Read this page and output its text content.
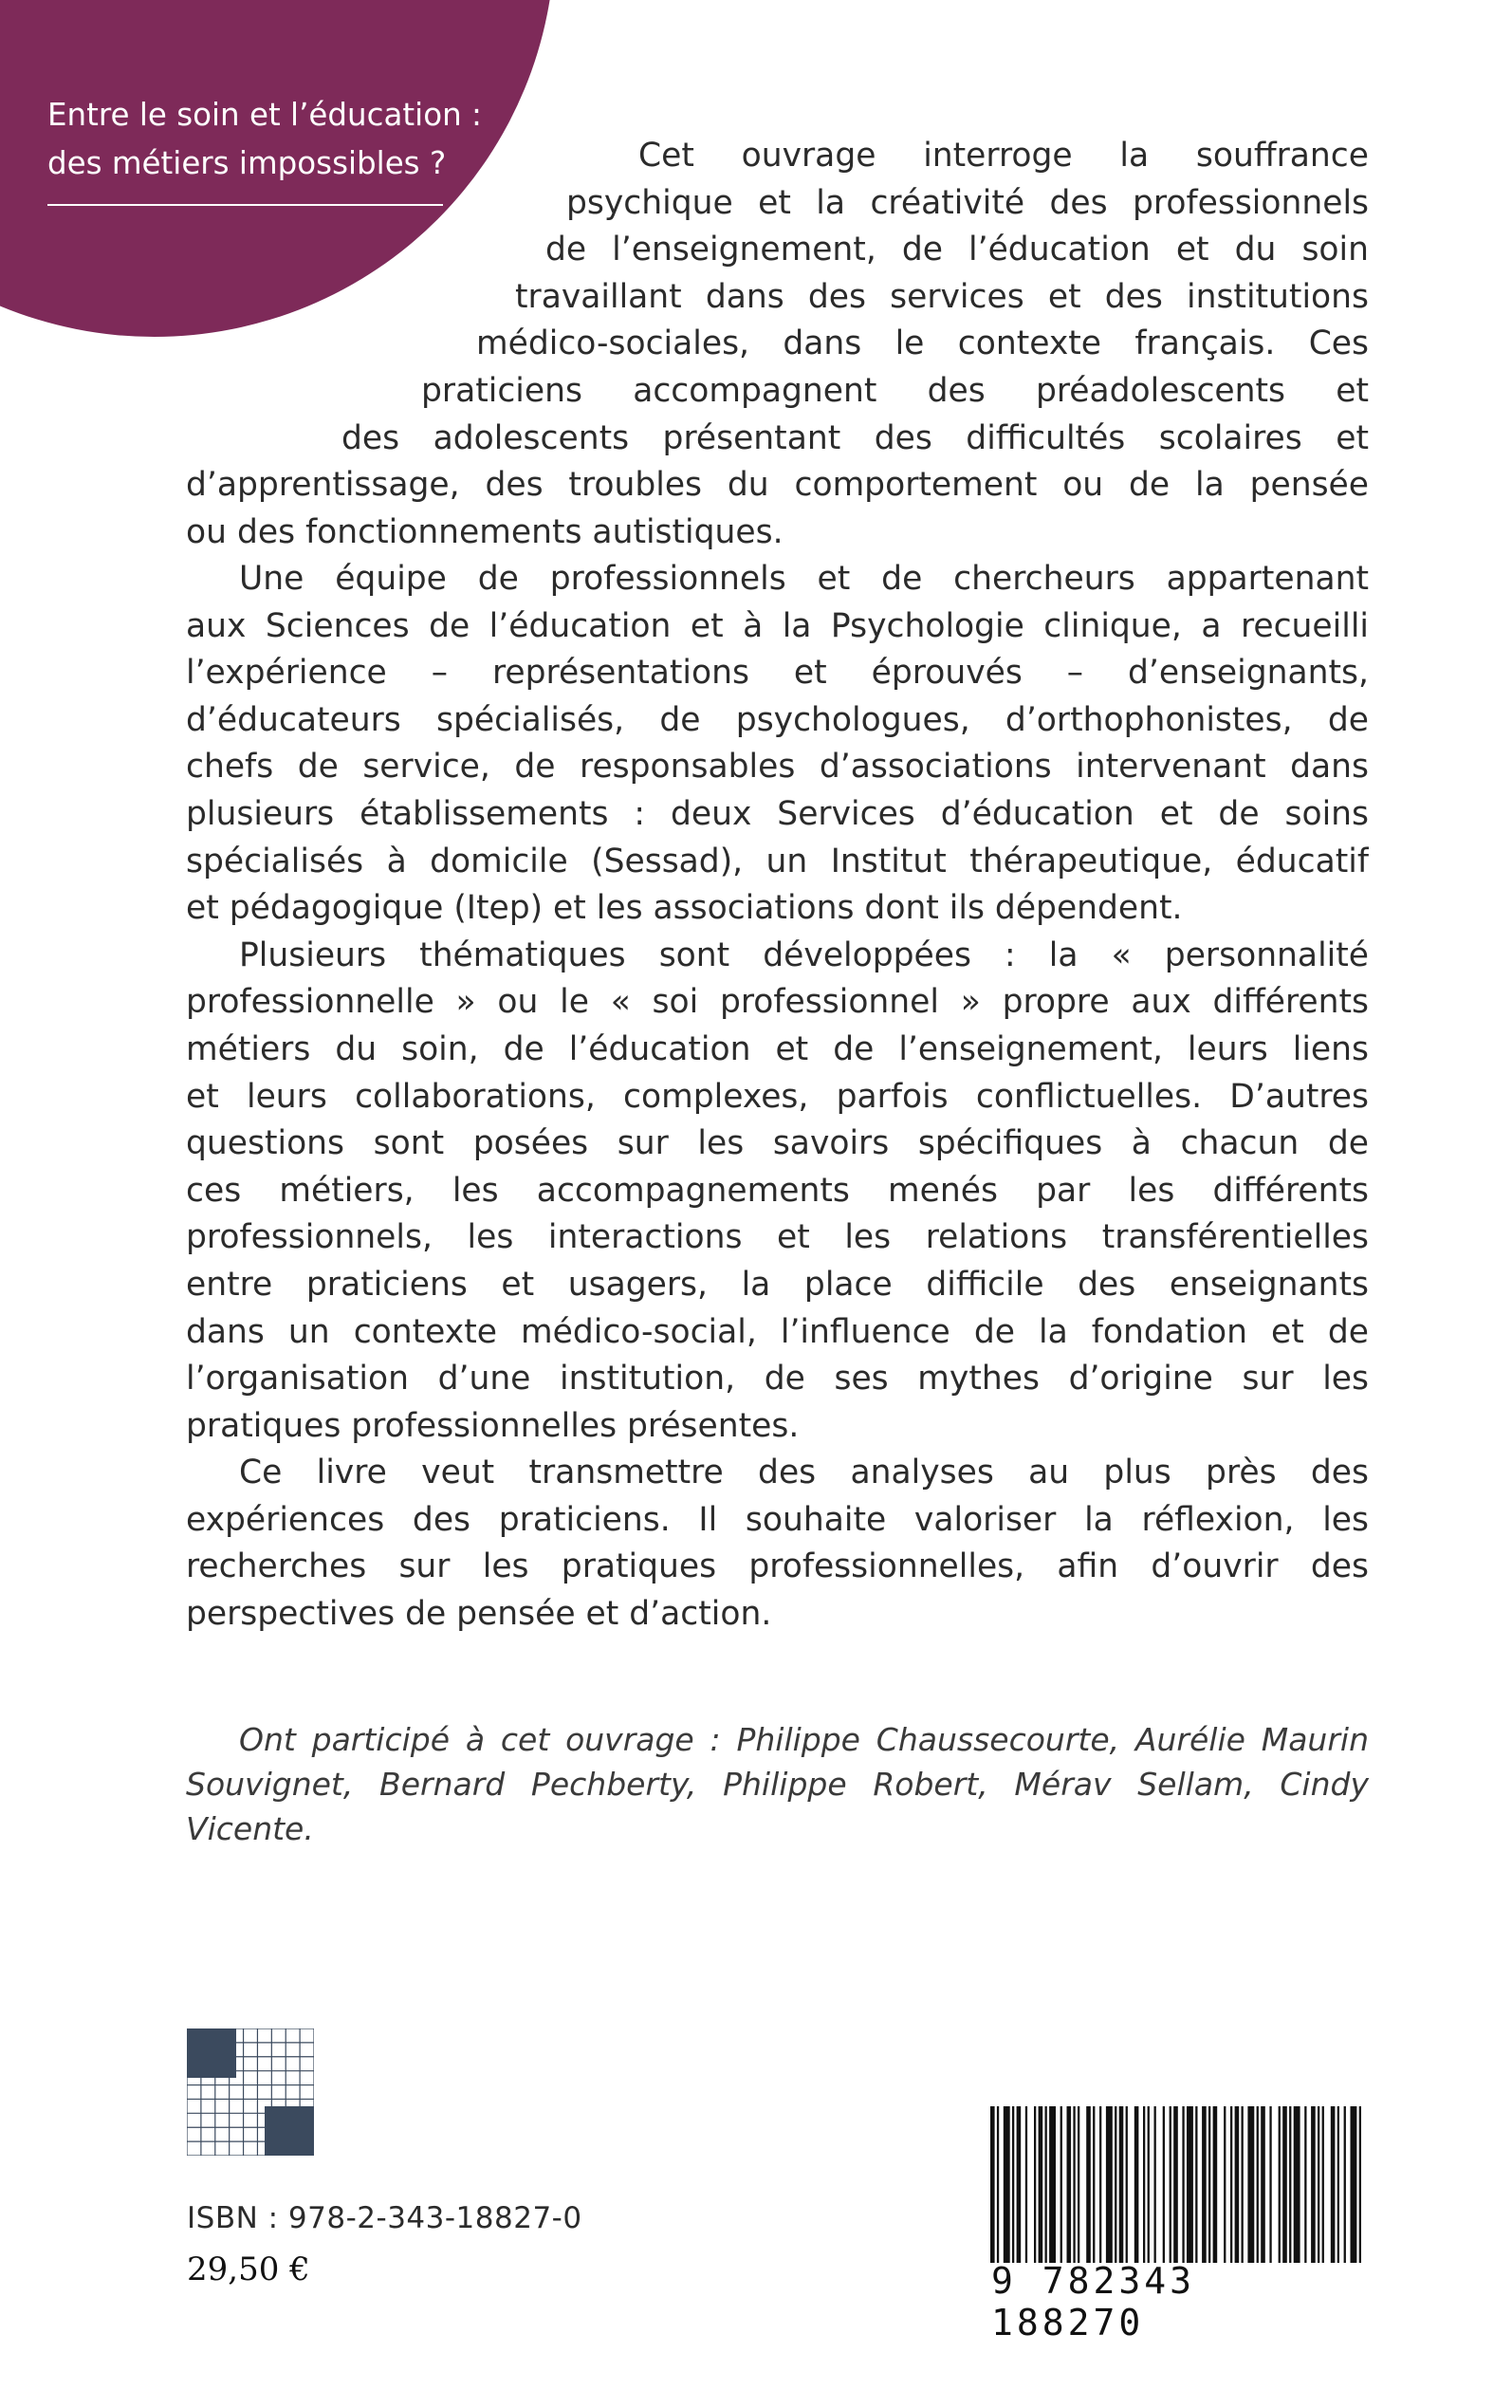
Entre le soin et l’éducation :
des métiers impossibles ?	Cet ouvrage interroge la souffrance
psychique et la créativité des professionnels
de l’enseignement, de l’éducation et du soin
travaillant dans des services et des institutions
médico-sociales, dans le contexte français. Ces
praticiens accompagnent des préadolescents et
des adolescents présentant des difficultés scolaires et
d’apprentissage, des troubles du comportement ou de la pensée
ou des fonctionnements autistiques.
Une équipe de professionnels et de chercheurs appartenant
aux Sciences de l’éducation et à la Psychologie clinique, a recueilli
l’expérience – représentations et éprouvés – d’enseignants,
d’éducateurs spécialisés, de psychologues, d’orthophonistes, de
chefs de service, de responsables d’associations intervenant dans
plusieurs établissements : deux Services d’éducation et de soins
spécialisés à domicile (Sessad), un Institut thérapeutique, éducatif
et pédagogique (Itep) et les associations dont ils dépendent.
Plusieurs thématiques sont développées : la « personnalité
professionnelle » ou le « soi professionnel » propre aux différents
métiers du soin, de l’éducation et de l’enseignement, leurs liens
et leurs collaborations, complexes, parfois conflictuelles. D’autres
questions sont posées sur les savoirs spécifiques à chacun de
ces métiers, les accompagnements menés par les différents
professionnels, les interactions et les relations transférentielles
entre praticiens et usagers, la place difficile des enseignants
dans un contexte médico-social, l’influence de la fondation et de
l’organisation d’une institution, de ses mythes d’origine sur les
pratiques professionnelles présentes.
Ce livre veut transmettre des analyses au plus près des
expériences des praticiens. Il souhaite valoriser la réflexion, les
recherches sur les pratiques professionnelles, afin d’ouvrir des
perspectives de pensée et d’action.
Ont participé à cet ouvrage : Philippe Chaussecourte, Aurélie Maurin
Souvignet, Bernard Pechberty, Philippe Robert, Mérav Sellam, Cindy
Vicente.
ISBN : 978-2-343-18827-0
29,50 €	9 782343 188270
